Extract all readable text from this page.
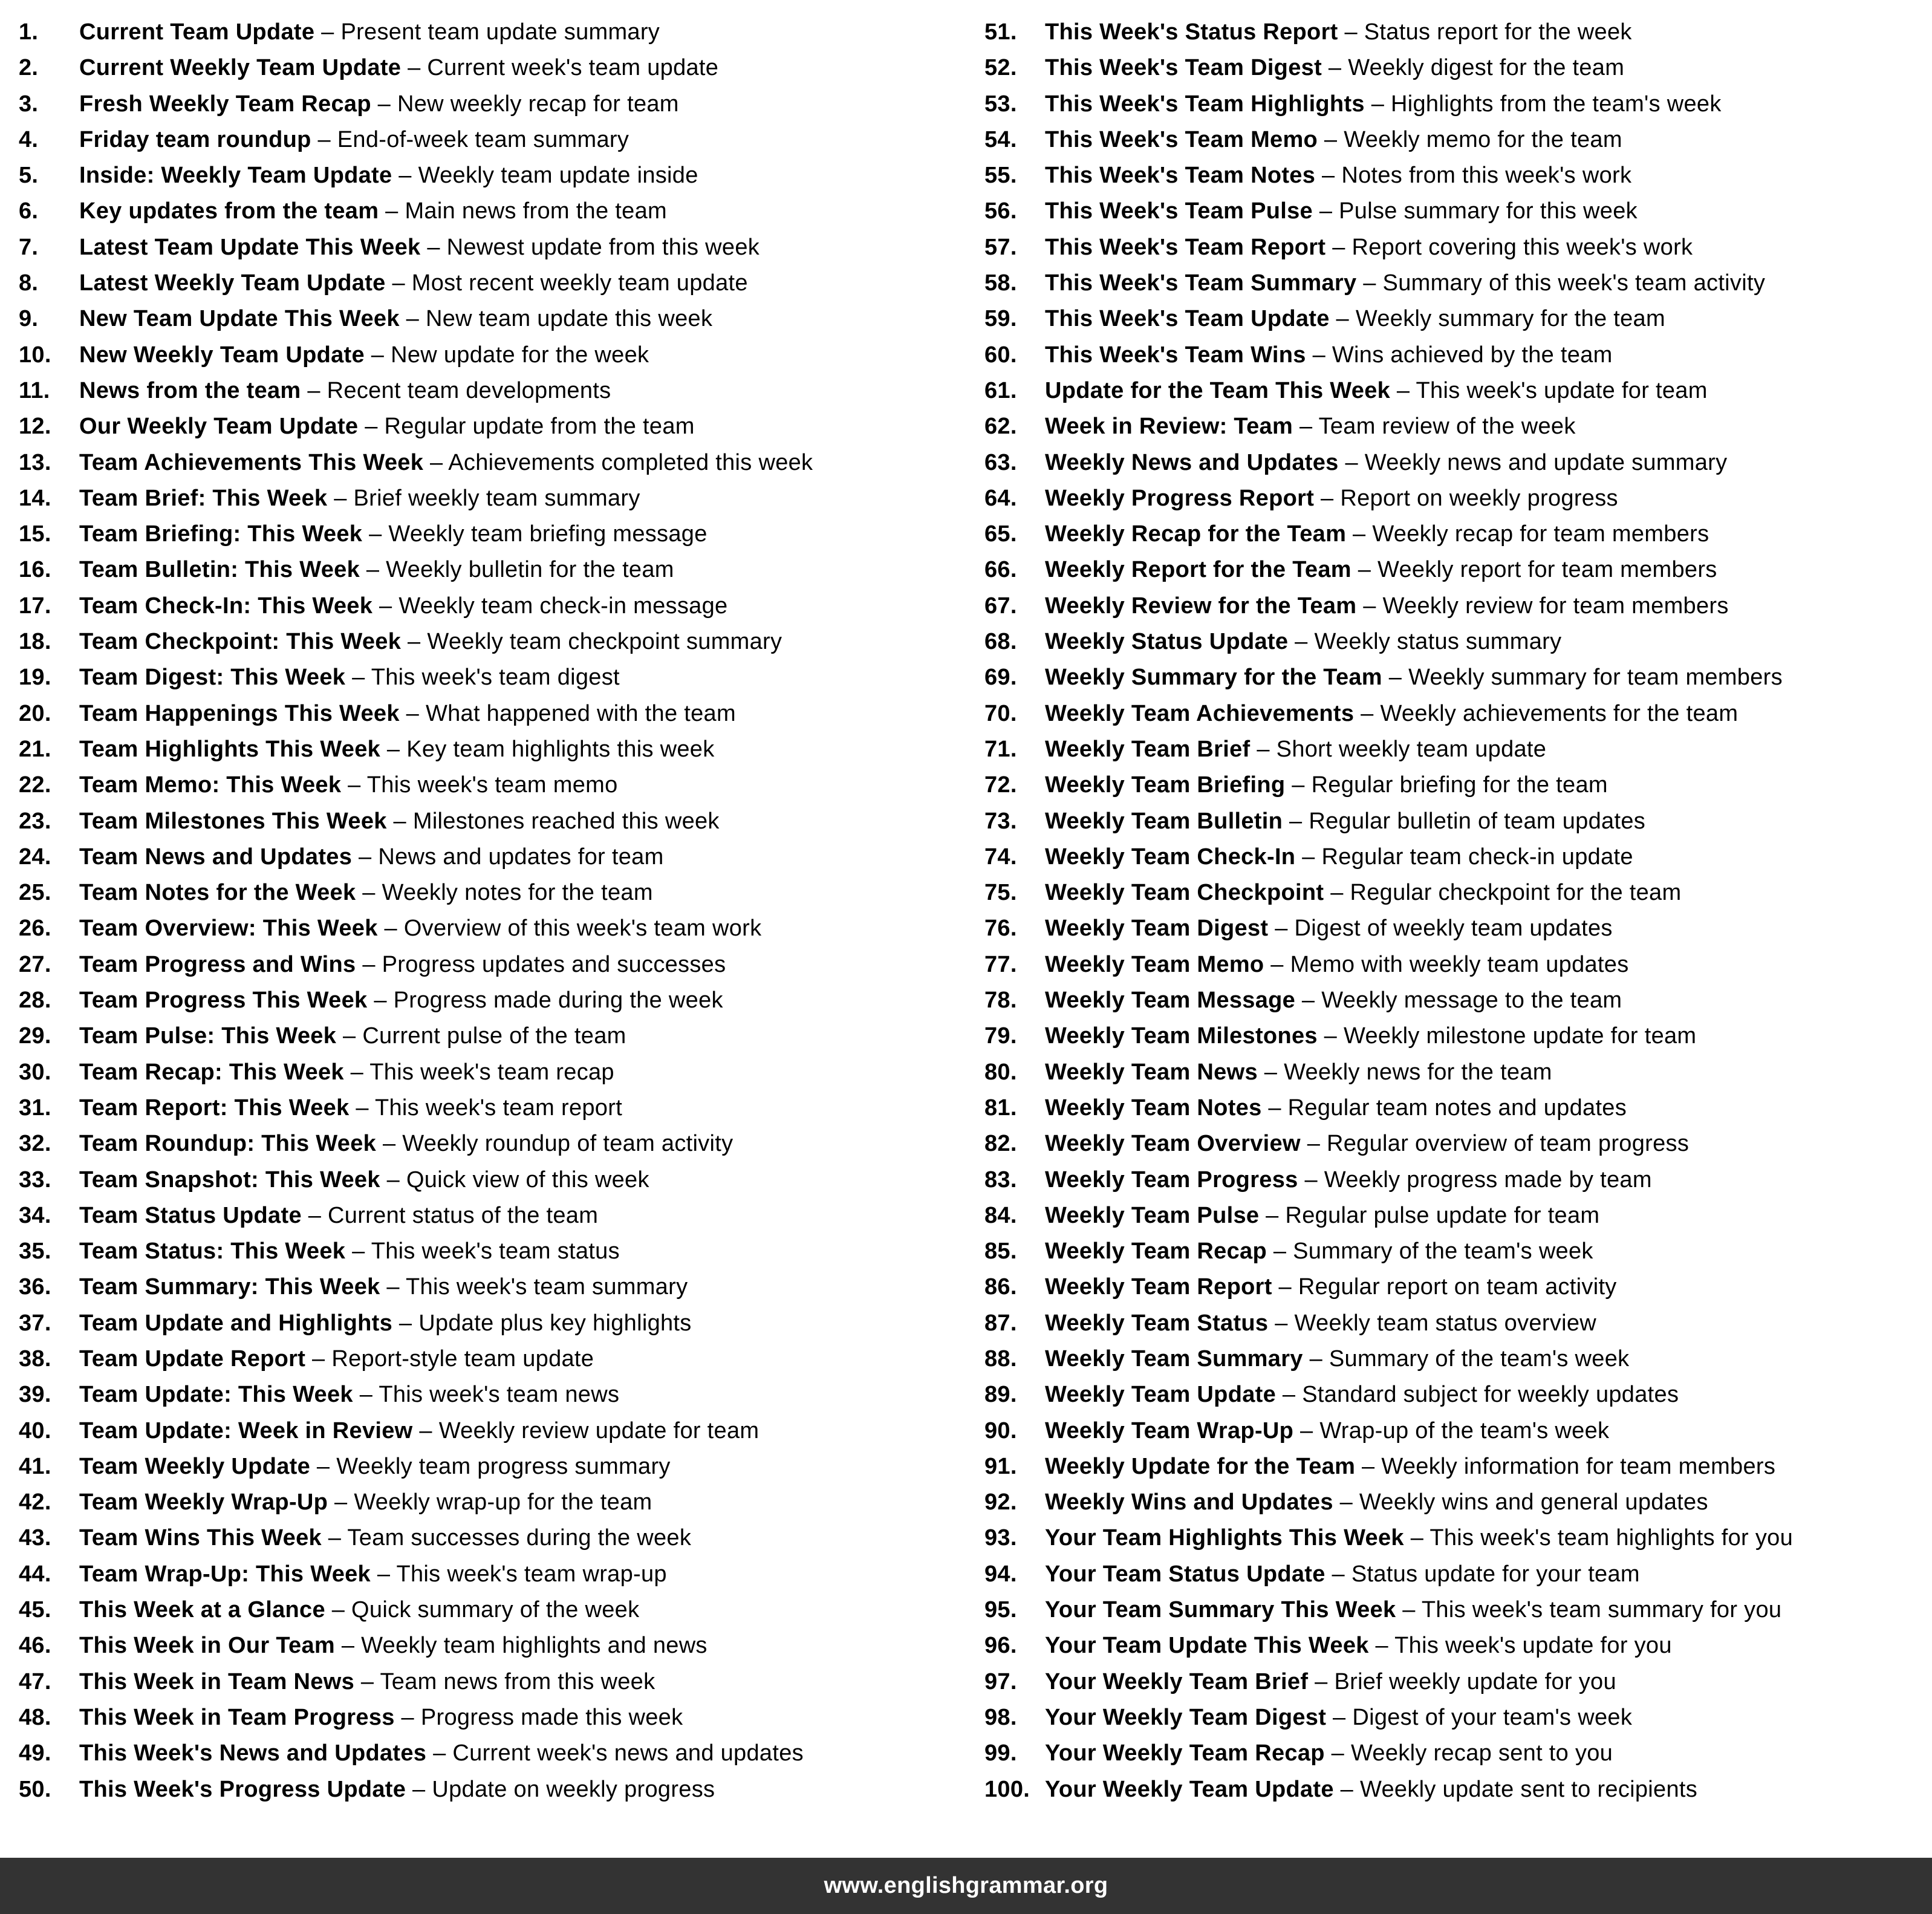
1.	Current Team Update – Present team update summary
2.	Current Weekly Team Update – Current week's team update
3.	Fresh Weekly Team Recap – New weekly recap for team
4.	Friday team roundup – End-of-week team summary
5.	Inside: Weekly Team Update – Weekly team update inside
6.	Key updates from the team – Main news from the team
7.	Latest Team Update This Week – Newest update from this week
8.	Latest Weekly Team Update – Most recent weekly team update
9.	New Team Update This Week – New team update this week
10.	New Weekly Team Update – New update for the week
11.	News from the team – Recent team developments
12.	Our Weekly Team Update – Regular update from the team
13.	Team Achievements This Week – Achievements completed this week
14.	Team Brief: This Week – Brief weekly team summary
15.	Team Briefing: This Week – Weekly team briefing message
16.	Team Bulletin: This Week – Weekly bulletin for the team
17.	Team Check-In: This Week – Weekly team check-in message
18.	Team Checkpoint: This Week – Weekly team checkpoint summary
19.	Team Digest: This Week – This week's team digest
20.	Team Happenings This Week – What happened with the team
21.	Team Highlights This Week – Key team highlights this week
22.	Team Memo: This Week – This week's team memo
23.	Team Milestones This Week – Milestones reached this week
24.	Team News and Updates – News and updates for team
25.	Team Notes for the Week – Weekly notes for the team
26.	Team Overview: This Week – Overview of this week's team work
27.	Team Progress and Wins – Progress updates and successes
28.	Team Progress This Week – Progress made during the week
29.	Team Pulse: This Week – Current pulse of the team
30.	Team Recap: This Week – This week's team recap
31.	Team Report: This Week – This week's team report
32.	Team Roundup: This Week – Weekly roundup of team activity
33.	Team Snapshot: This Week – Quick view of this week
34.	Team Status Update – Current status of the team
35.	Team Status: This Week – This week's team status
36.	Team Summary: This Week – This week's team summary
37.	Team Update and Highlights – Update plus key highlights
38.	Team Update Report – Report-style team update
39.	Team Update: This Week – This week's team news
40.	Team Update: Week in Review – Weekly review update for team
41.	Team Weekly Update – Weekly team progress summary
42.	Team Weekly Wrap-Up – Weekly wrap-up for the team
43.	Team Wins This Week – Team successes during the week
44.	Team Wrap-Up: This Week – This week's team wrap-up
45.	This Week at a Glance – Quick summary of the week
46.	This Week in Our Team – Weekly team highlights and news
47.	This Week in Team News – Team news from this week
48.	This Week in Team Progress – Progress made this week
49.	This Week's News and Updates – Current week's news and updates
50.	This Week's Progress Update – Update on weekly progress
51.	This Week's Status Report – Status report for the week
52.	This Week's Team Digest – Weekly digest for the team
53.	This Week's Team Highlights – Highlights from the team's week
54.	This Week's Team Memo – Weekly memo for the team
55.	This Week's Team Notes – Notes from this week's work
56.	This Week's Team Pulse – Pulse summary for this week
57.	This Week's Team Report – Report covering this week's work
58.	This Week's Team Summary – Summary of this week's team activity
59.	This Week's Team Update – Weekly summary for the team
60.	This Week's Team Wins – Wins achieved by the team
61.	Update for the Team This Week – This week's update for team
62.	Week in Review: Team – Team review of the week
63.	Weekly News and Updates – Weekly news and update summary
64.	Weekly Progress Report – Report on weekly progress
65.	Weekly Recap for the Team – Weekly recap for team members
66.	Weekly Report for the Team – Weekly report for team members
67.	Weekly Review for the Team – Weekly review for team members
68.	Weekly Status Update – Weekly status summary
69.	Weekly Summary for the Team – Weekly summary for team members
70.	Weekly Team Achievements – Weekly achievements for the team
71.	Weekly Team Brief – Short weekly team update
72.	Weekly Team Briefing – Regular briefing for the team
73.	Weekly Team Bulletin – Regular bulletin of team updates
74.	Weekly Team Check-In – Regular team check-in update
75.	Weekly Team Checkpoint – Regular checkpoint for the team
76.	Weekly Team Digest – Digest of weekly team updates
77.	Weekly Team Memo – Memo with weekly team updates
78.	Weekly Team Message – Weekly message to the team
79.	Weekly Team Milestones – Weekly milestone update for team
80.	Weekly Team News – Weekly news for the team
81.	Weekly Team Notes – Regular team notes and updates
82.	Weekly Team Overview – Regular overview of team progress
83.	Weekly Team Progress – Weekly progress made by team
84.	Weekly Team Pulse – Regular pulse update for team
85.	Weekly Team Recap – Summary of the team's week
86.	Weekly Team Report – Regular report on team activity
87.	Weekly Team Status – Weekly team status overview
88.	Weekly Team Summary – Summary of the team's week
89.	Weekly Team Update – Standard subject for weekly updates
90.	Weekly Team Wrap-Up – Wrap-up of the team's week
91.	Weekly Update for the Team – Weekly information for team members
92.	Weekly Wins and Updates – Weekly wins and general updates
93.	Your Team Highlights This Week – This week's team highlights for you
94.	Your Team Status Update – Status update for your team
95.	Your Team Summary This Week – This week's team summary for you
96.	Your Team Update This Week – This week's update for you
97.	Your Weekly Team Brief – Brief weekly update for you
98.	Your Weekly Team Digest – Digest of your team's week
99.	Your Weekly Team Recap – Weekly recap sent to you
100. Your Weekly Team Update – Weekly update sent to recipients
www.englishgrammar.org
